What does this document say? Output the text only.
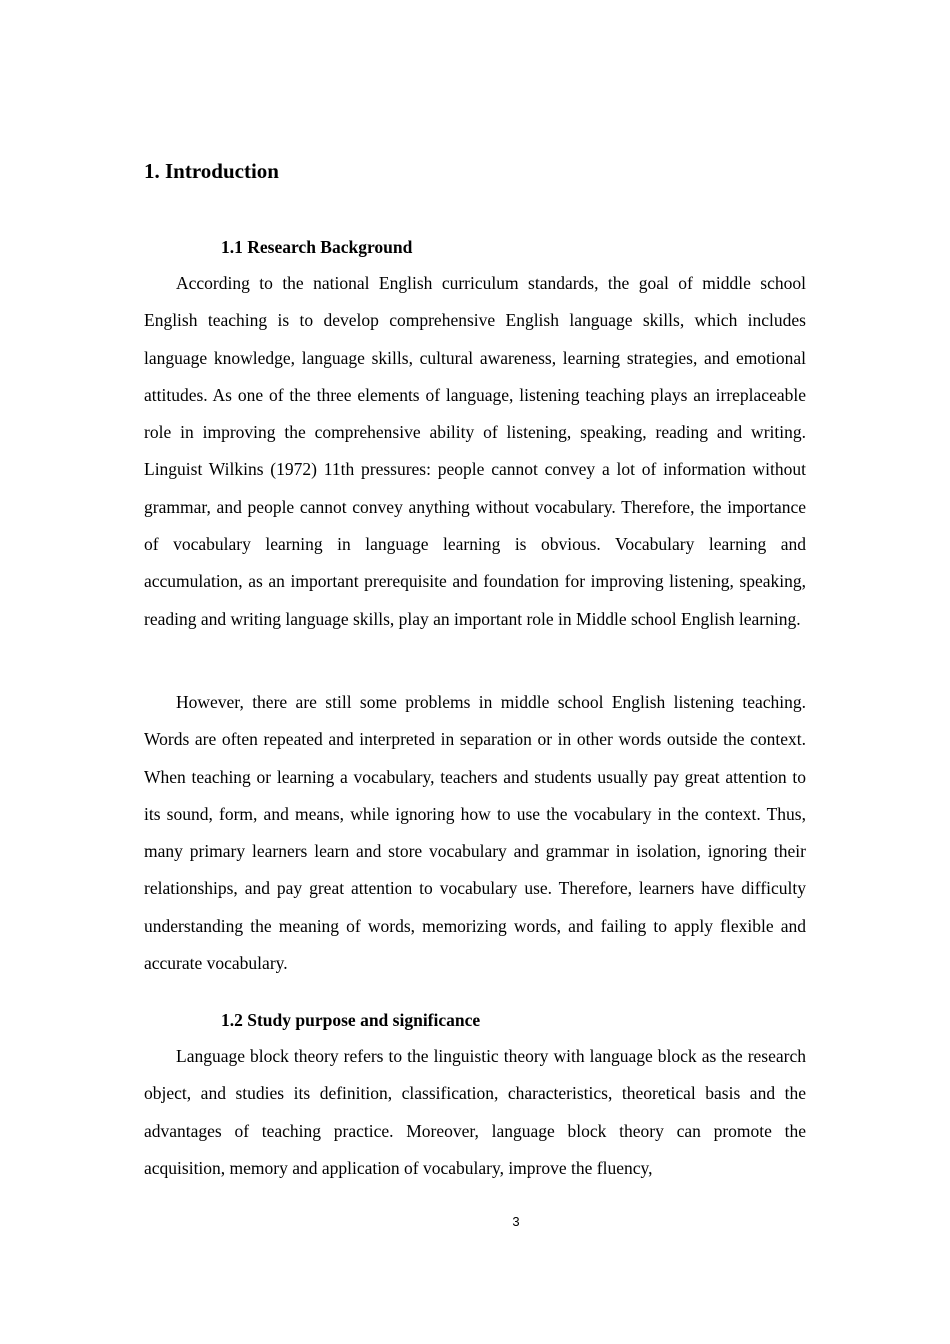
1. Introduction
1.1 Research Background

According to the national English curriculum standards, the goal of middle school English teaching is to develop comprehensive English language skills, which includes language knowledge, language skills, cultural awareness, learning strategies, and emotional attitudes. As one of the three elements of language, listening teaching plays an irreplaceable role in improving the comprehensive ability of listening, speaking, reading and writing. Linguist Wilkins (1972) 11th pressures: people cannot convey a lot of information without grammar, and people cannot convey anything without vocabulary. Therefore, the importance of vocabulary learning in language learning is obvious. Vocabulary learning and accumulation, as an important prerequisite and foundation for improving listening, speaking, reading and writing language skills, play an important role in Middle school English learning.

However, there are still some problems in middle school English listening teaching. Words are often repeated and interpreted in separation or in other words outside the context. When teaching or learning a vocabulary, teachers and students usually pay great attention to its sound, form, and means, while ignoring how to use the vocabulary in the context. Thus, many primary learners learn and store vocabulary and grammar in isolation, ignoring their relationships, and pay great attention to vocabulary use. Therefore, learners have difficulty understanding the meaning of words, memorizing words, and failing to apply flexible and accurate vocabulary.

1.2 Study purpose and significance

Language block theory refers to the linguistic theory with language block as the research object, and studies its definition, classification, characteristics, theoretical basis and the advantages of teaching practice. Moreover, language block theory can promote the acquisition, memory and application of vocabulary, improve the fluency,

3
